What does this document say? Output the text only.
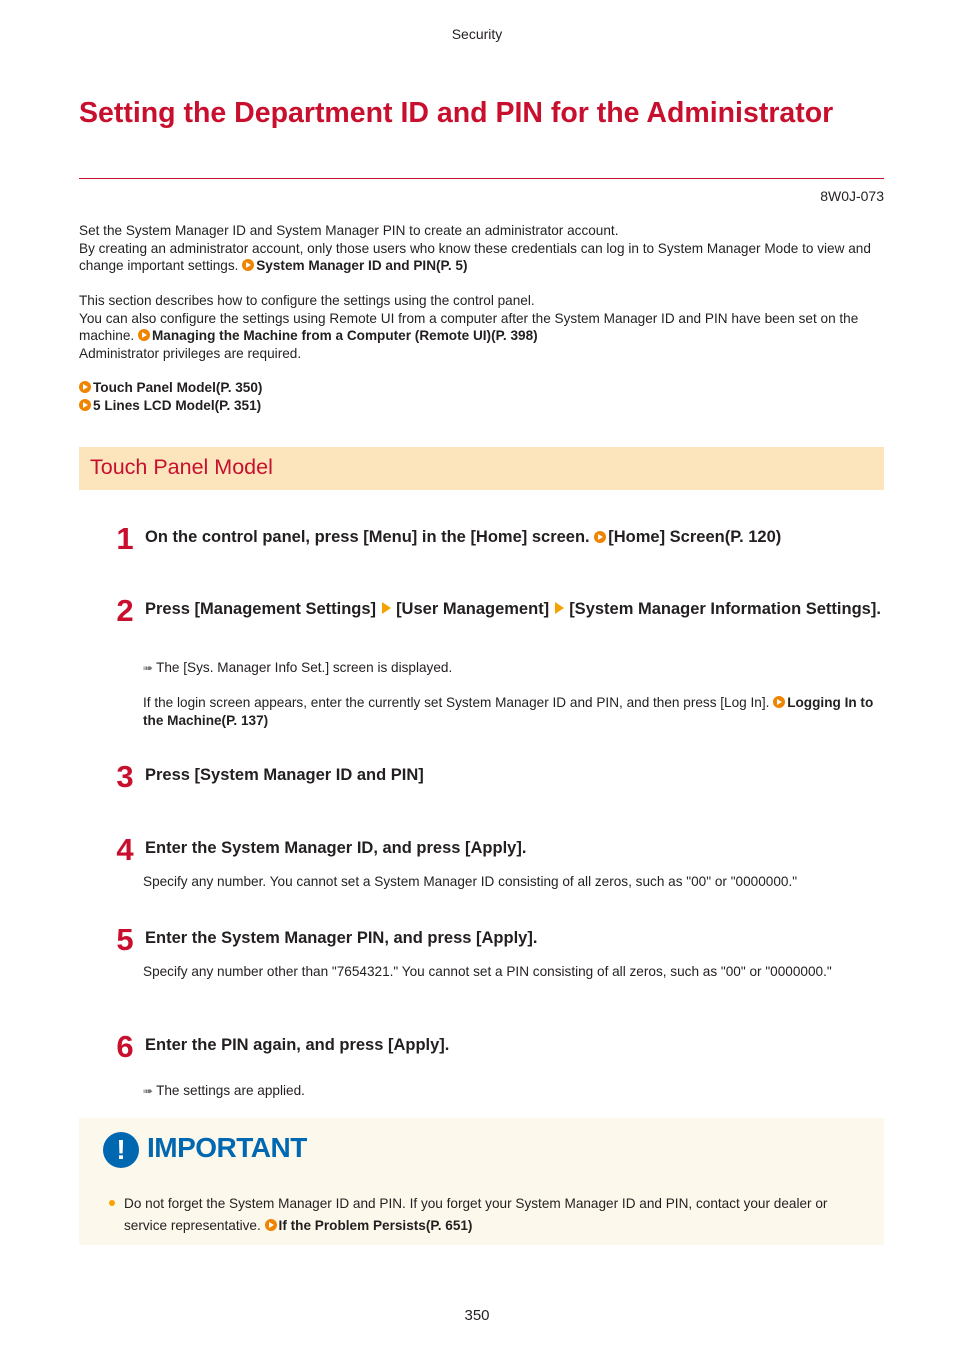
Security
Setting the Department ID and PIN for the Administrator
8W0J-073
Set the System Manager ID and System Manager PIN to create an administrator account.
By creating an administrator account, only those users who know these credentials can log in to System Manager Mode to view and change important settings. System Manager ID and PIN(P. 5)
This section describes how to configure the settings using the control panel.
You can also configure the settings using Remote UI from a computer after the System Manager ID and PIN have been set on the machine. Managing the Machine from a Computer (Remote UI)(P. 398)
Administrator privileges are required.
Touch Panel Model(P. 350)
5 Lines LCD Model(P. 351)
Touch Panel Model
1 On the control panel, press [Menu] in the [Home] screen. [Home] Screen(P. 120)
2 Press [Management Settings] [User Management] [System Manager Information Settings].
➠ The [Sys. Manager Info Set.] screen is displayed.
If the login screen appears, enter the currently set System Manager ID and PIN, and then press [Log In]. Logging In to the Machine(P. 137)
3 Press [System Manager ID and PIN]
4 Enter the System Manager ID, and press [Apply].
Specify any number. You cannot set a System Manager ID consisting of all zeros, such as "00" or "0000000."
5 Enter the System Manager PIN, and press [Apply].
Specify any number other than "7654321." You cannot set a PIN consisting of all zeros, such as "00" or "0000000."
6 Enter the PIN again, and press [Apply].
➠ The settings are applied.
! IMPORTANT
Do not forget the System Manager ID and PIN. If you forget your System Manager ID and PIN, contact your dealer or service representative. If the Problem Persists(P. 651)
350
